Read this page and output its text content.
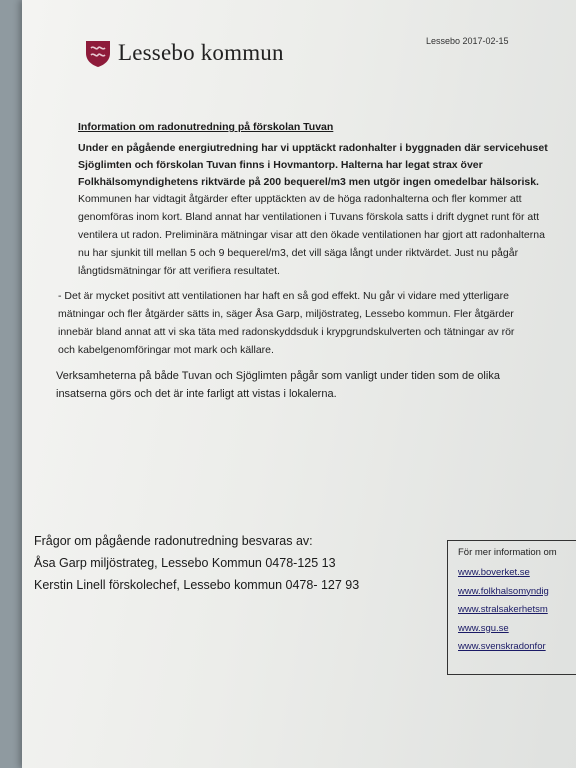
Lessebo kommun	Lessebo 2017-02-15
Information om radonutredning på förskolan Tuvan
Under en pågående energiutredning har vi upptäckt radonhalter i byggnaden där servicehuset
Sjöglimten och förskolan Tuvan finns i Hovmantorp. Halterna har legat strax över
Folkhälsomyndighetens riktvärde på 200 bequerel/m3 men utgör ingen omedelbar hälsorisk.
Kommunen har vidtagit åtgärder efter upptäckten av de höga radonhalterna och fler kommer att
genomföras inom kort. Bland annat har ventilationen i Tuvans förskola satts i drift dygnet runt för att
ventilera ut radon. Preliminära mätningar visar att den ökade ventilationen har gjort att radonhalterna
nu har sjunkit till mellan 5 och 9 bequerel/m3, det vill säga långt under riktvärdet. Just nu pågår
långtidsmätningar för att verifiera resultatet.
- Det är mycket positivt att ventilationen har haft en så god effekt. Nu går vi vidare med ytterligare
mätningar och fler åtgärder sätts in, säger Åsa Garp, miljöstrateg, Lessebo kommun. Fler åtgärder
innebär bland annat att vi ska täta med radonskyddsduk i krypgrundskulverten och tätningar av rör
och kabelgenomföringar mot mark och källare.
Verksamheterna på både Tuvan och Sjöglimten pågår som vanligt under tiden som de olika
insatserna görs och det är inte farligt att vistas i lokalerna.
Frågor om pågående radonutredning besvaras av:
Åsa Garp miljöstrateg, Lessebo Kommun 0478-125 13
Kerstin Linell förskolechef, Lessebo kommun 0478- 127 93
För mer information om
www.boverket.se
www.folkhalsomyndig
www.stralsakerhetsm
www.sgu.se
www.svenskradonfor
